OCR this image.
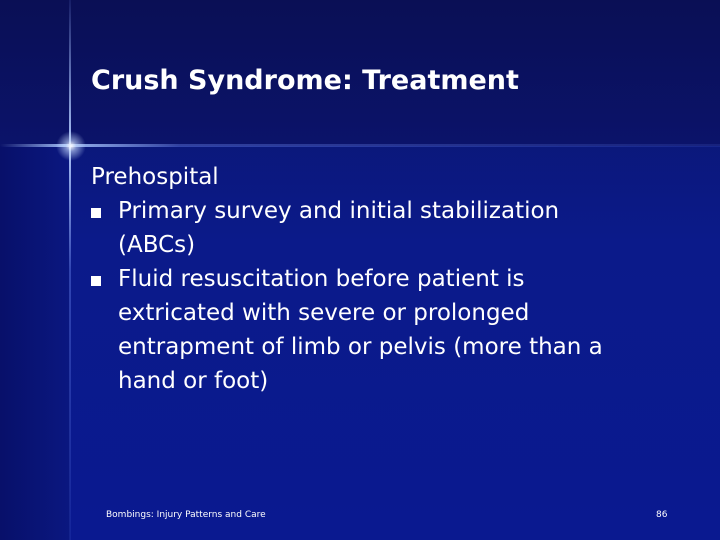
Crush Syndrome: Treatment

Prehospital

Primary survey and initial stabilization
(ABCs)
Fluid resuscitation before patient is
extricated with severe or prolonged
entrapment of limb or pelvis (more than a
hand or foot)
Bombings: Injury Patterns and Care	86
